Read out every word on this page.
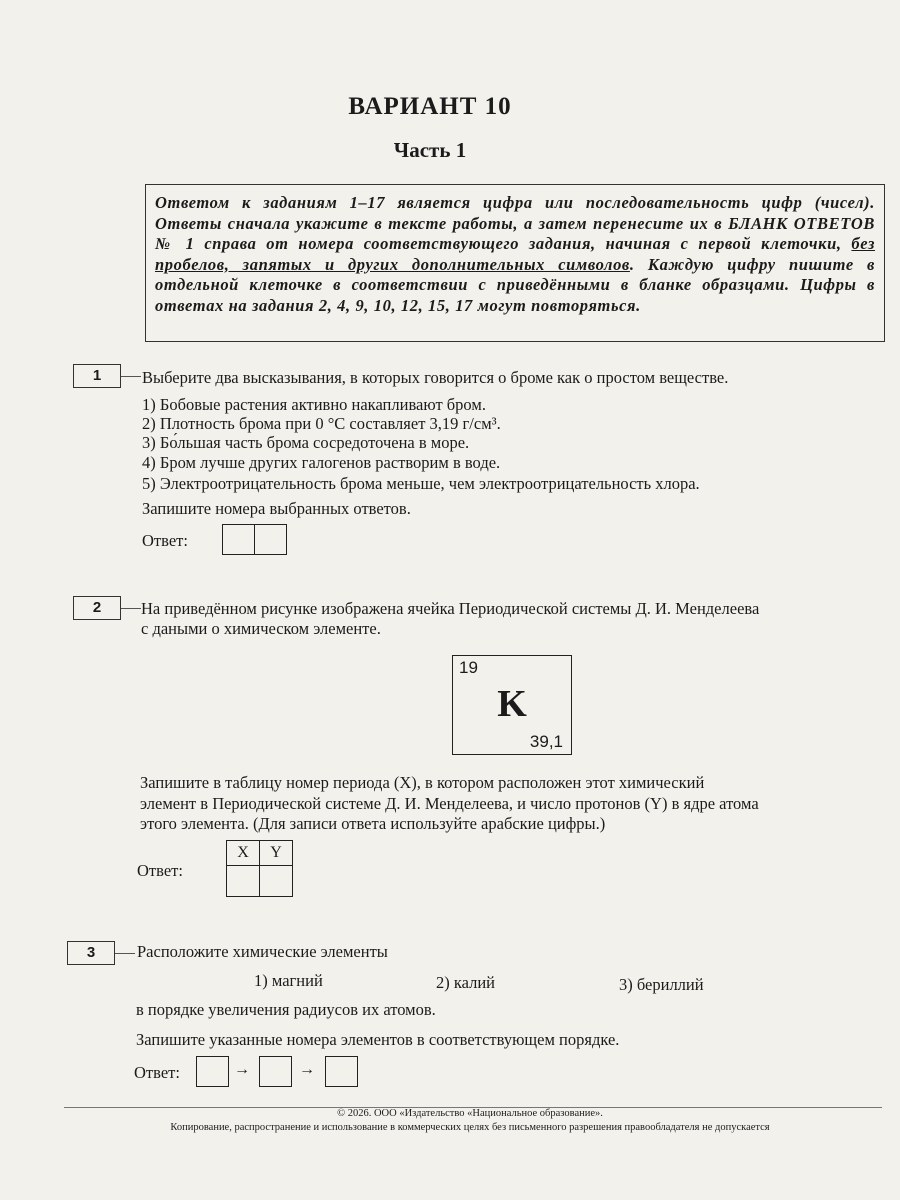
ВАРИАНТ 10
Часть 1
Ответом к заданиям 1–17 является цифра или последовательность цифр (чисел). Ответы сначала укажите в тексте работы, а затем перенесите их в БЛАНК ОТВЕТОВ № 1 справа от номера соответствующего задания, начиная с первой клеточки, без пробелов, запятых и других дополнительных символов. Каждую цифру пишите в отдельной клеточке в соответствии с приведёнными в бланке образцами. Цифры в ответах на задания 2, 4, 9, 10, 12, 15, 17 могут повторяться.
1	Выберите два высказывания, в которых говорится о броме как о простом веществе.
1) Бобовые растения активно накапливают бром.
2) Плотность брома при 0 °С составляет 3,19 г/см³.
3) Бо́льшая часть брома сосредоточена в море.
4) Бром лучше других галогенов растворим в воде.
5) Электроотрицательность брома меньше, чем электроотрицательность хлора.
Запишите номера выбранных ответов.
Ответ:
2	На приведённом рисунке изображена ячейка Периодической системы Д. И. Менделеева
с даными о химическом элементе.
19
K
39,1
Запишите в таблицу номер периода (X), в котором расположен этот химический
элемент в Периодической системе Д. И. Менделеева, и число протонов (Y) в ядре атома
этого элемента. (Для записи ответа используйте арабские цифры.)
Ответ:
X	Y

3	Расположите химические элементы
1) магний	2) калий	3) бериллий
в порядке увеличения радиусов их атомов.
Запишите указанные номера элементов в соответствующем порядке.
Ответ:	→	→
© 2026. ООО «Издательство «Национальное образование».
Копирование, распространение и использование в коммерческих целях без письменного разрешения правообладателя не допускается
